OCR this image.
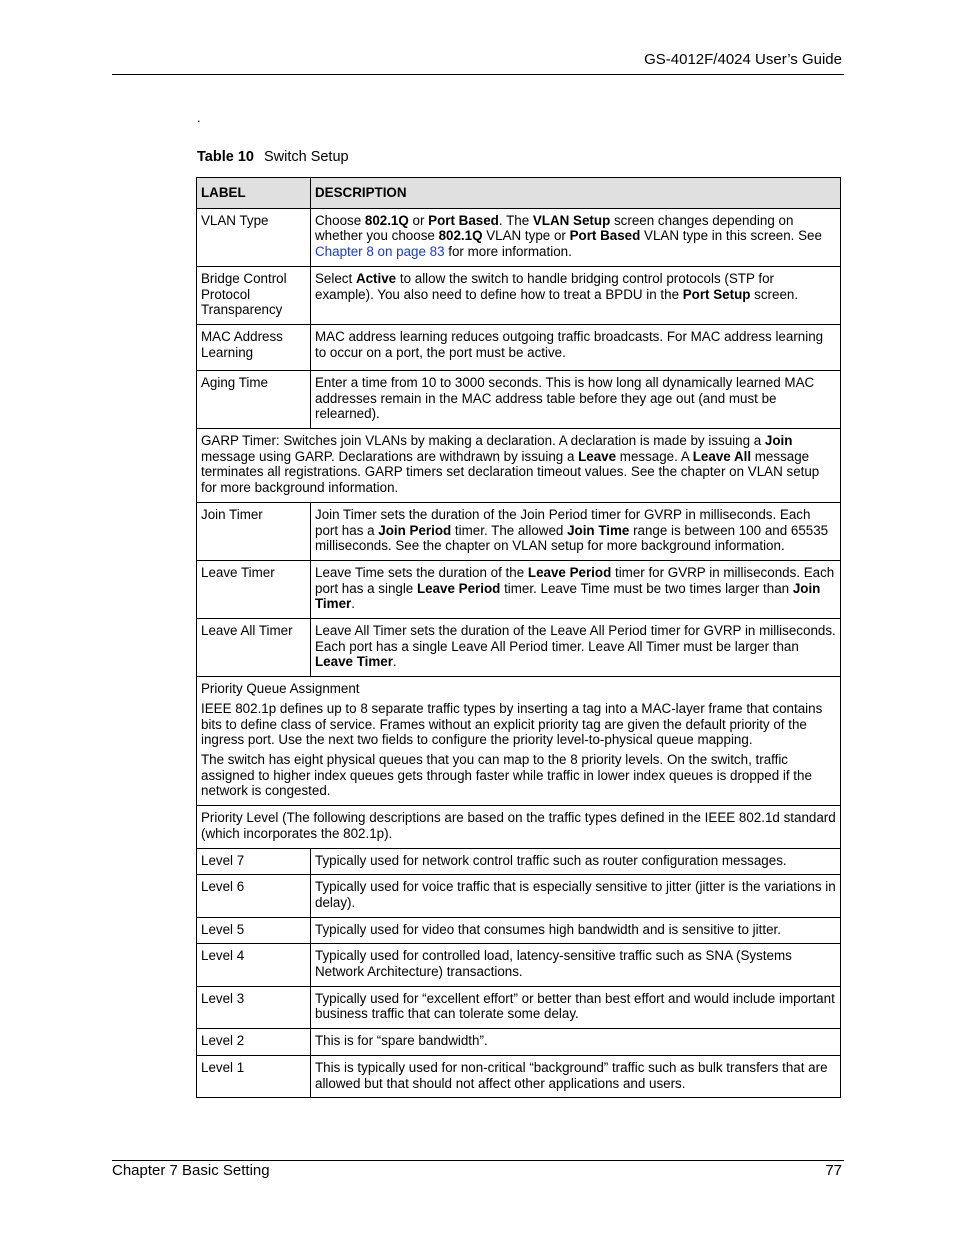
GS-4012F/4024 User’s Guide
.
Table 10 Switch Setup
LABEL	DESCRIPTION
VLAN Type	Choose 802.1Q or Port Based. The VLAN Setup screen changes depending on whether you choose 802.1Q VLAN type or Port Based VLAN type in this screen. See Chapter 8 on page 83 for more information.
Bridge Control Protocol Transparency	Select Active to allow the switch to handle bridging control protocols (STP for example). You also need to define how to treat a BPDU in the Port Setup screen.
MAC Address Learning	MAC address learning reduces outgoing traffic broadcasts. For MAC address learning to occur on a port, the port must be active.
Aging Time	Enter a time from 10 to 3000 seconds. This is how long all dynamically learned MAC addresses remain in the MAC address table before they age out (and must be relearned).
GARP Timer: Switches join VLANs by making a declaration. A declaration is made by issuing a Join message using GARP. Declarations are withdrawn by issuing a Leave message. A Leave All message terminates all registrations. GARP timers set declaration timeout values. See the chapter on VLAN setup for more background information.	
Join Timer	Join Timer sets the duration of the Join Period timer for GVRP in milliseconds. Each port has a Join Period timer. The allowed Join Time range is between 100 and 65535 milliseconds. See the chapter on VLAN setup for more background information.
Leave Timer	Leave Time sets the duration of the Leave Period timer for GVRP in milliseconds. Each port has a single Leave Period timer. Leave Time must be two times larger than Join Timer.
Leave All Timer	Leave All Timer sets the duration of the Leave All Period timer for GVRP in milliseconds. Each port has a single Leave All Period timer. Leave All Timer must be larger than Leave Timer.

Priority Queue Assignment

IEEE 802.1p defines up to 8 separate traffic types by inserting a tag into a MAC-layer frame that contains bits to define class of service. Frames without an explicit priority tag are given the default priority of the ingress port. Use the next two fields to configure the priority level-to-physical queue mapping.

The switch has eight physical queues that you can map to the 8 priority levels. On the switch, traffic assigned to higher index queues gets through faster while traffic in lower index queues is dropped if the network is congested.	

Priority Level (The following descriptions are based on the traffic types defined in the IEEE 802.1d standard (which incorporates the 802.1p).	
Level 7	Typically used for network control traffic such as router configuration messages.
Level 6	Typically used for voice traffic that is especially sensitive to jitter (jitter is the variations in delay).
Level 5	Typically used for video that consumes high bandwidth and is sensitive to jitter.
Level 4	Typically used for controlled load, latency-sensitive traffic such as SNA (Systems Network Architecture) transactions.
Level 3	Typically used for “excellent effort” or better than best effort and would include important business traffic that can tolerate some delay.
Level 2	This is for “spare bandwidth”.
Level 1	This is typically used for non-critical “background” traffic such as bulk transfers that are allowed but that should not affect other applications and users.
Chapter 7 Basic Setting	77
